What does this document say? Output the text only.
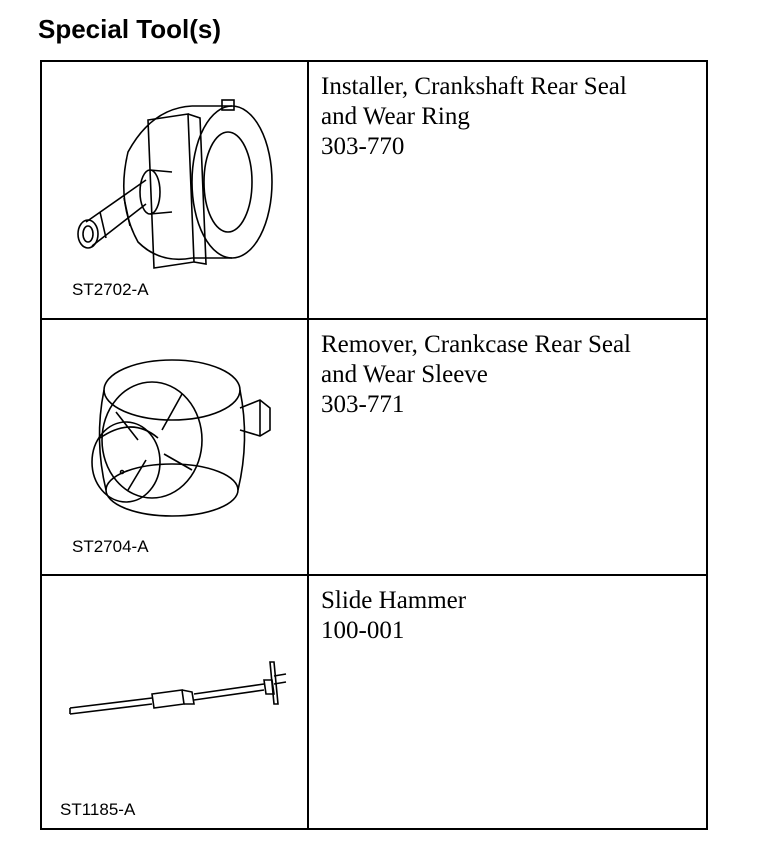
Special Tool(s)
ST2702-A
Installer, Crankshaft Rear Seal
and Wear Ring
303-770
ST2704-A
Remover, Crankcase Rear Seal
and Wear Sleeve
303-771
ST1185-A
Slide Hammer
100-001
